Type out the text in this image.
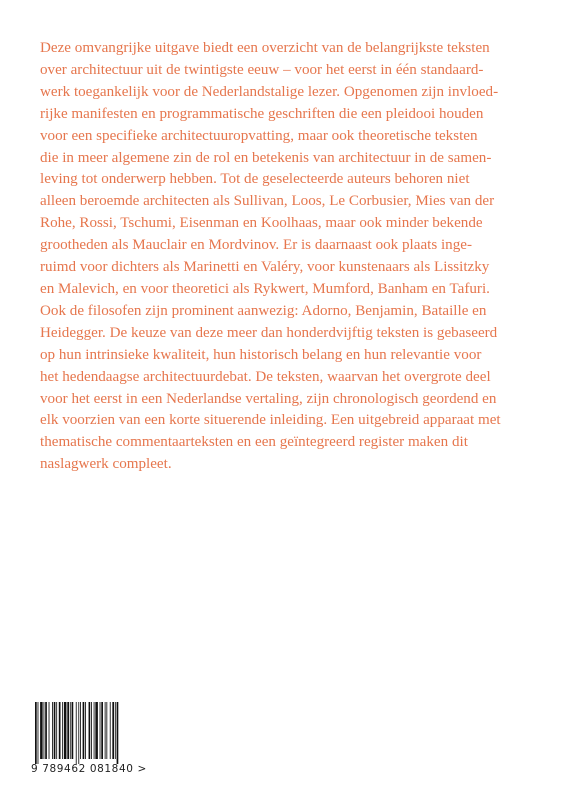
Deze omvangrijke uitgave biedt een overzicht van de belangrijkste teksten
over architectuur uit de twintigste eeuw – voor het eerst in één standaard-
werk toegankelijk voor de Nederlandstalige lezer. Opgenomen zijn invloed-
rijke manifesten en programmatische geschriften die een pleidooi houden
voor een specifieke architectuuropvatting, maar ook theoretische teksten
die in meer algemene zin de rol en betekenis van architectuur in de samen-
leving tot onderwerp hebben. Tot de geselecteerde auteurs behoren niet
alleen beroemde architecten als Sullivan, Loos, Le Corbusier, Mies van der
Rohe, Rossi, Tschumi, Eisenman en Koolhaas, maar ook minder bekende
grootheden als Mauclair en Mordvinov. Er is daarnaast ook plaats inge-
ruimd voor dichters als Marinetti en Valéry, voor kunstenaars als Lissitzky
en Malevich, en voor theoretici als Rykwert, Mumford, Banham en Tafuri.
Ook de filosofen zijn prominent aanwezig: Adorno, Benjamin, Bataille en
Heidegger. De keuze van deze meer dan honderdvijftig teksten is gebaseerd
op hun intrinsieke kwaliteit, hun historisch belang en hun relevantie voor
het hedendaagse architectuurdebat. De teksten, waarvan het overgrote deel
voor het eerst in een Nederlandse vertaling, zijn chronologisch geordend en
elk voorzien van een korte situerende inleiding. Een uitgebreid apparaat met
thematische commentaarteksten en een geïntegreerd register maken dit
naslagwerk compleet.
9 789462 081840 >
